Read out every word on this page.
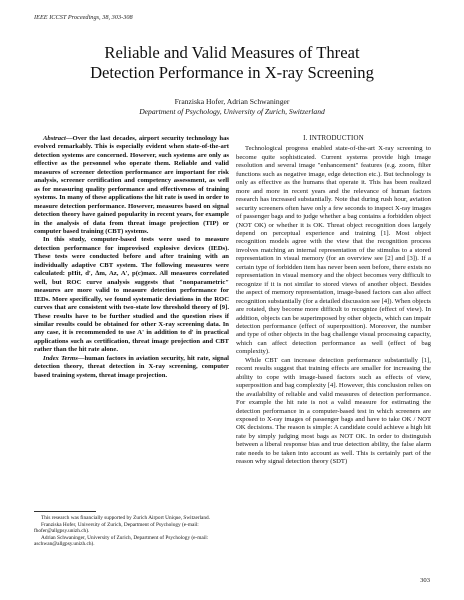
IEEE ICCST Proceedings, 38, 303-308
Reliable and Valid Measures of Threat
Detection Performance in X-ray Screening
Franziska Hofer, Adrian Schwaninger
Department of Psychology, University of Zurich, Switzerland

Abstract—Over the last decades, airport security technology has evolved remarkably. This is especially evident when state-of-the-art detection systems are concerned. However, such systems are only as effective as the personnel who operate them. Reliable and valid measures of screener detection performance are important for risk analysis, screener certification and competency assessment, as well as for measuring quality performance and effectiveness of training systems. In many of these applications the hit rate is used in order to measure detection performance. However, measures based on signal detection theory have gained popularity in recent years, for example in the analysis of data from threat image projection (TIP) or computer based training (CBT) systems.

In this study, computer-based tests were used to measure detection performance for improvised explosive devices (IEDs). These tests were conducted before and after training with an individually adaptive CBT system. The following measures were calculated: pHit, d', ∆m, Az, A', p(c)max. All measures correlated well, but ROC curve analysis suggests that "nonparametric" measures are more valid to measure detection performance for IEDs. More specifically, we found systematic deviations in the ROC curves that are consistent with two-state low threshold theory of [9]. These results have to be further studied and the question rises if similar results could be obtained for other X-ray screening data. In any case, it is recommended to use A' in addition to d' in practical applications such as certification, threat image projection and CBT rather than the hit rate alone.

Index Terms—human factors in aviation security, hit rate, signal detection theory, threat detection in X-ray screening, computer based training system, threat image projection.

This research was financially supported by Zurich Airport Unique, Switzerland.

Franziska Hofer, University of Zurich, Department of Psychology (e-mail: fhofer@allgpsy.unizh.ch).

Adrian Schwaninger, University of Zurich, Department of Psychology (e-mail: aschwan@allgpsy.unizh.ch).

I. INTRODUCTION

Technological progress enabled state-of-the-art X-ray screening to become quite sophisticated. Current systems provide high image resolution and several image "enhancement" features (e.g. zoom, filter functions such as negative image, edge detection etc.). But technology is only as effective as the humans that operate it. This has been realized more and more in recent years and the relevance of human factors research has increased substantially. Note that during rush hour, aviation security screeners often have only a few seconds to inspect X-ray images of passenger bags and to judge whether a bag contains a forbidden object (NOT OK) or whether it is OK. Threat object recognition does largely depend on perceptual experience and training [1]. Most object recognition models agree with the view that the recognition process involves matching an internal representation of the stimulus to a stored representation in visual memory (for an overview see [2] and [3]). If a certain type of forbidden item has never been seen before, there exists no representation in visual memory and the object becomes very difficult to recognize if it is not similar to stored views of another object. Besides the aspect of memory representation, image-based factors can also affect recognition substantially (for a detailed discussion see [4]). When objects are rotated, they become more difficult to recognize (effect of view). In addition, objects can be superimposed by other objects, which can impair detection performance (effect of superposition). Moreover, the number and type of other objects in the bag challenge visual processing capacity, which can affect detection performance as well (effect of bag complexity).

While CBT can increase detection performance substantially [1], recent results suggest that training effects are smaller for increasing the ability to cope with image-based factors such as effects of view, superposition and bag complexity [4]. However, this conclusion relies on the availability of reliable and valid measures of detection performance. For example the hit rate is not a valid measure for estimating the detection performance in a computer-based test in which screeners are exposed to X-ray images of passenger bags and have to take OK / NOT OK decisions. The reason is simple: A candidate could achieve a high hit rate by simply judging most bags as NOT OK. In order to distinguish between a liberal response bias and true detection ability, the false alarm rate needs to be taken into account as well. This is certainly part of the reason why signal detection theory (SDT)

303
